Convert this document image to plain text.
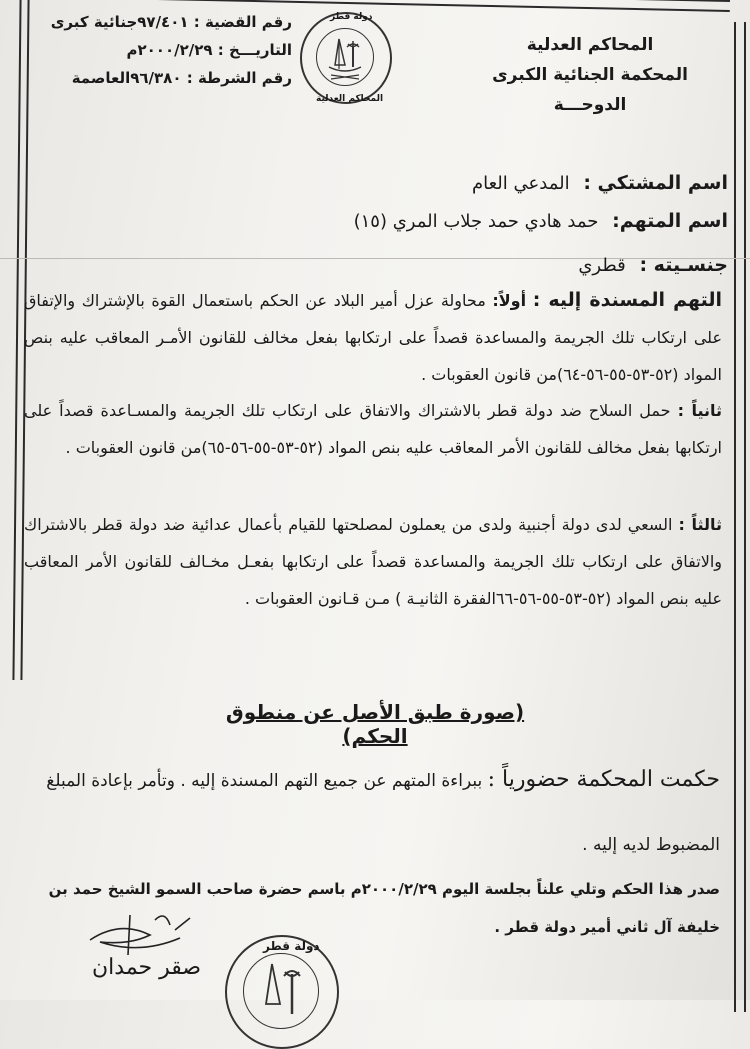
المحاكم العدلية
المحكمة الجنائية الكبرى
الدوحـــة
دولة قطر
المحاكم العدلية
رقم القضية : ٩٧/٤٠١جنائية كبرى
التاريـــخ : ٢٠٠٠/٢/٢٩م
رقم الشرطة : ٩٦/٣٨٠العاصمة
اسم المشتكي : المدعي العام
اسم المتهم: حمد هادي حمد جلاب المري (١٥)
جنسـيته : قطري
التهم المسندة إليه : أولاً: محاولة عزل أمير البلاد عن الحكم باستعمال القوة بالإشتراك والإتفاق على ارتكاب تلك الجريمة والمساعدة قصداً على ارتكابها بفعل مخالف للقانون الأمـر المعاقب عليه بنص المواد (٥٢-٥٣-٥٥-٥٦-٦٤)من قانون العقوبات .
ثانياً : حمل السلاح ضد دولة قطر بالاشتراك والاتفاق على ارتكاب تلك الجريمة والمسـاعدة قصداً على ارتكابها بفعل مخالف للقانون الأمر المعاقب عليه بنص المواد (٥٢-٥٣-٥٥-٥٦-٦٥)من قانون العقوبات .
ثالثاً : السعي لدى دولة أجنبية ولدى من يعملون لمصلحتها للقيام بأعمال عدائية ضد دولة قطر بالاشتراك والاتفاق على ارتكاب تلك الجريمة والمساعدة قصداً على ارتكابها بفعـل مخـالف للقانون الأمر المعاقب عليه بنص المواد (٥٢-٥٣-٥٥-٥٦-٦٦الفقرة الثانيـة ) مـن قـانون العقوبات .
(صورة طبق الأصل عن منطوق الحكم)
حكمت المحكمة حضورياً : ببراءة المتهم عن جميع التهم المسندة إليه . وتأمر بإعادة المبلغ المضبوط لديه إليه .
صدر هذا الحكم وتلي علناً بجلسة اليوم ٢٠٠٠/٢/٢٩م باسم حضرة صاحب السمو الشيخ حمد بن
خليفة آل ثاني أمير دولة قطر .
صقر حمدان
دولة قطر
